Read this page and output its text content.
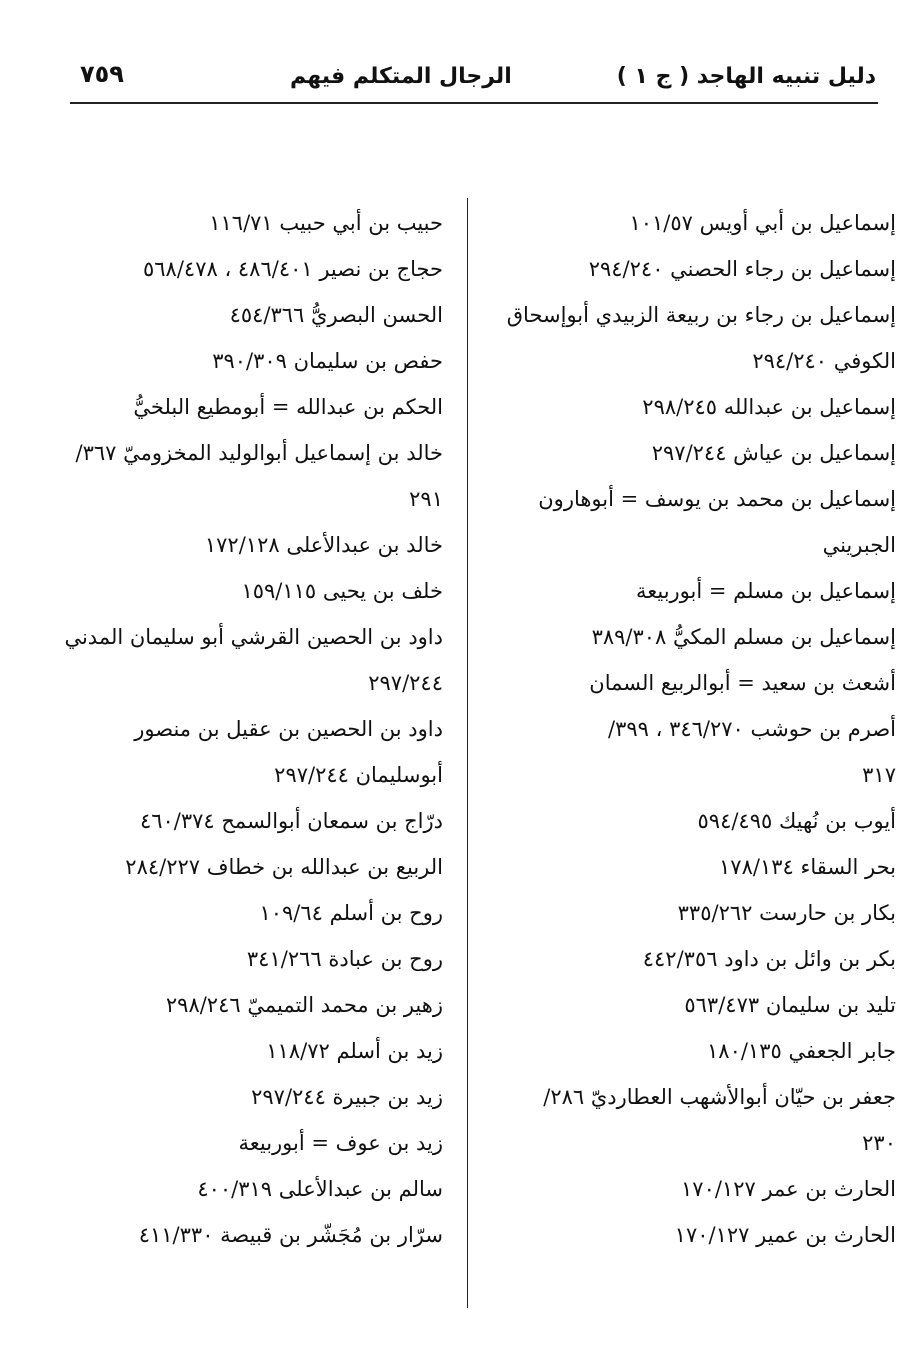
دليل تنبيه الهاجد ( ج ١ )
الرجال المتكلم فيهم
٧٥٩
إسماعيل بن أبي أويس ١٠١/٥٧
إسماعيل بن رجاء الحصني ٢٩٤/٢٤٠
إسماعيل بن رجاء بن ربيعة الزبيدي أبوإسحاق
الكوفي ٢٩٤/٢٤٠
إسماعيل بن عبدالله ٢٩٨/٢٤٥
إسماعيل بن عياش ٢٩٧/٢٤٤
إسماعيل بن محمد بن يوسف = أبوهارون
الجبريني
إسماعيل بن مسلم = أبوربيعة
إسماعيل بن مسلم المكيُّ ٣٨٩/٣٠٨
أشعث بن سعيد = أبوالربيع السمان
أصرم بن حوشب ٣٤٦/٢٧٠ ، ٣٩٩/
٣١٧
أيوب بن نُهيك ٥٩٤/٤٩٥
بحر السقاء ١٧٨/١٣٤
بكار بن حارست ٣٣٥/٢٦٢
بكر بن وائل بن داود ٤٤٢/٣٥٦
تليد بن سليمان ٥٦٣/٤٧٣
جابر الجعفي ١٨٠/١٣٥
جعفر بن حيّان أبوالأشهب العطارديّ ٢٨٦/
٢٣٠
الحارث بن عمر ١٧٠/١٢٧
الحارث بن عمير ١٧٠/١٢٧
حبيب بن أبي حبيب ١١٦/٧١
حجاج بن نصير ٤٨٦/٤٠١ ، ٥٦٨/٤٧٨
الحسن البصريُّ ٤٥٤/٣٦٦
حفص بن سليمان ٣٩٠/٣٠٩
الحكم بن عبدالله = أبومطيع البلخيُّ
خالد بن إسماعيل أبوالوليد المخزوميّ ٣٦٧/
٢٩١
خالد بن عبدالأعلى ١٧٢/١٢٨
خلف بن يحيى ١٥٩/١١٥
داود بن الحصين القرشي أبو سليمان المدني
٢٩٧/٢٤٤
داود بن الحصين بن عقيل بن منصور
أبوسليمان ٢٩٧/٢٤٤
درّاج بن سمعان أبوالسمح ٤٦٠/٣٧٤
الربيع بن عبدالله بن خطاف ٢٨٤/٢٢٧
روح بن أسلم ١٠٩/٦٤
روح بن عبادة ٣٤١/٢٦٦
زهير بن محمد التميميّ ٢٩٨/٢٤٦
زيد بن أسلم ١١٨/٧٢
زيد بن جبيرة ٢٩٧/٢٤٤
زيد بن عوف = أبوربيعة
سالم بن عبدالأعلى ٤٠٠/٣١٩
سرّار بن مُجَشّر بن قبيصة ٤١١/٣٣٠
